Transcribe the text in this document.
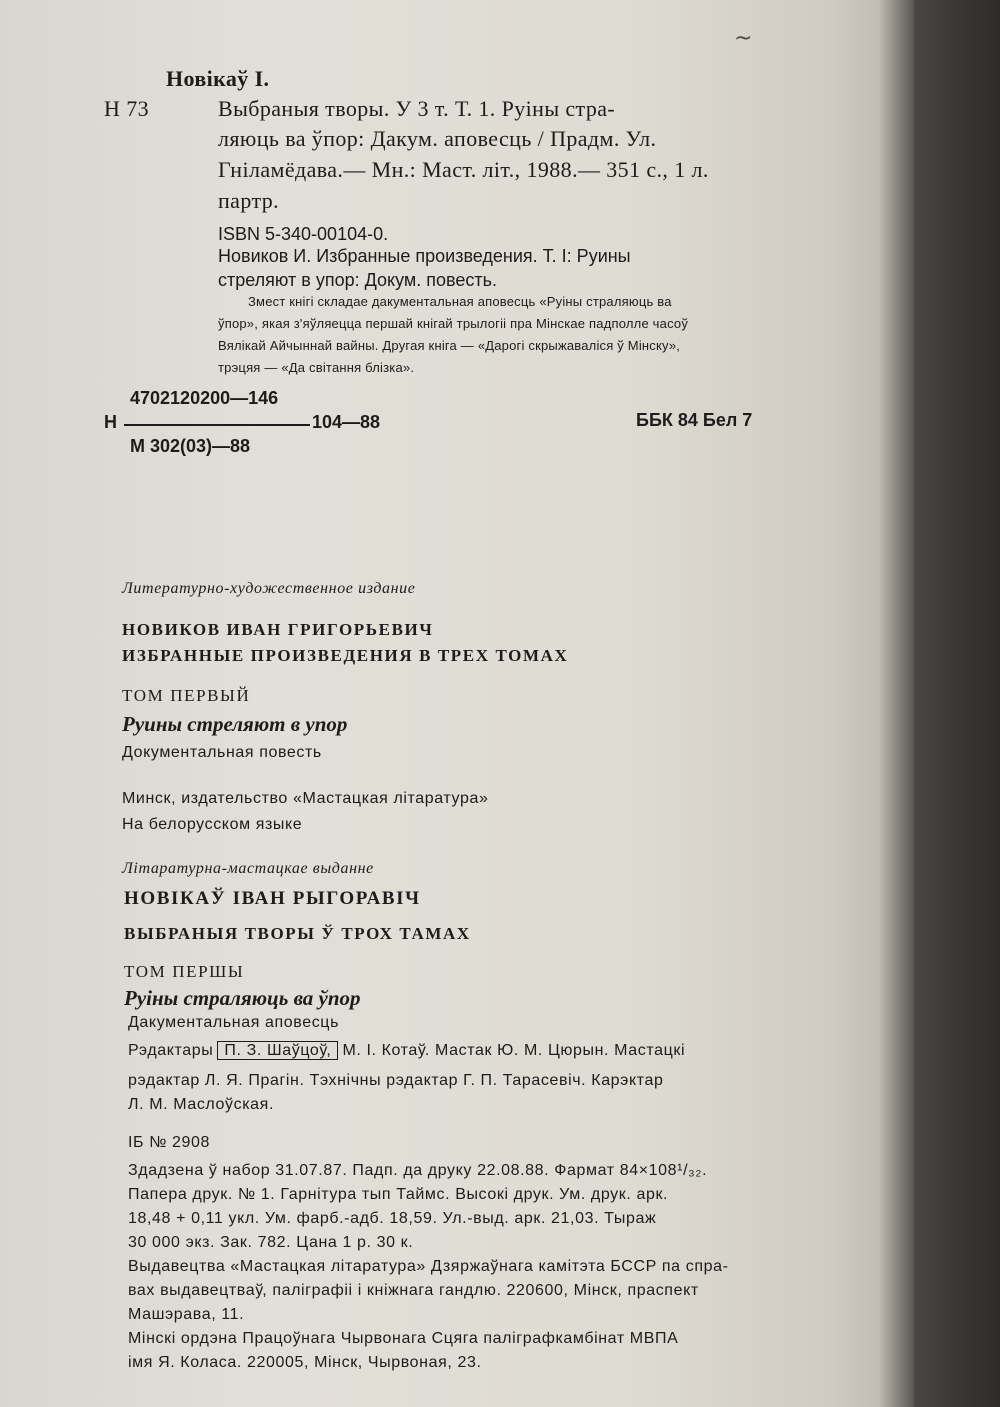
~
Новікаў І.
Н 73	Выбраныя творы. У 3 т. Т. 1. Руіны стра-
ляюць ва ўпор: Дакум. аповесць / Прадм. Ул.
Гніламёдава.— Мн.: Маст. літ., 1988.— 351 с., 1 л.
партр.
ISBN 5-340-00104-0.
Новиков И. Избранные произведения. Т. I: Руины
стреляют в упор: Докум. повесть.
Змест кнігі складае дакументальная аповесць «Руіны страляюць ва
ўпор», якая з'яўляецца першай кнігай трылогіі пра Мінскае падполле часоў
Вялікай Айчыннай вайны. Другая кніга — «Дарогі скрыжаваліся ў Мінску»,
трэцяя — «Да світання блізка».
4702120200—146
Н	104—88
М 302(03)—88
ББК 84 Бел 7
Литературно-художественное издание
НОВИКОВ ИВАН ГРИГОРЬЕВИЧ
ИЗБРАННЫЕ ПРОИЗВЕДЕНИЯ В ТРЕХ ТОМАХ
ТОМ ПЕРВЫЙ
Руины стреляют в упор
Документальная повесть
Минск, издательство «Мастацкая літаратура»
На белорусском языке
Літаратурна-мастацкае выданне
НОВІКАЎ ІВАН РЫГОРАВІЧ
ВЫБРАНЫЯ ТВОРЫ Ў ТРОХ ТАМАХ
ТОМ ПЕРШЫ
Руіны страляюць ва ўпор
Дакументальная аповесць
Рэдактары П. З. Шаўцоў, М. І. Котаў. Мастак Ю. М. Цюрын. Мастацкі
рэдактар Л. Я. Прагін. Тэхнічны рэдактар Г. П. Тарасевіч. Карэктар
Л. М. Маслоўская.
ІБ № 2908
Здадзена ў набор 31.07.87. Падп. да друку 22.08.88. Фармат 84×108¹/₃₂.
Папера друк. № 1. Гарнітура тып Таймс. Высокі друк. Ум. друк. арк.
18,48 + 0,11 укл. Ум. фарб.-адб. 18,59. Ул.-выд. арк. 21,03. Тыраж
30 000 экз. Зак. 782. Цана 1 р. 30 к.
Выдавецтва «Мастацкая літаратура» Дзяржаўнага камітэта БССР па спра-
вах выдавецтваў, паліграфіі і кніжнага гандлю. 220600, Мінск, праспект
Машэрава, 11.
Мінскі ордэна Працоўнага Чырвонага Сцяга паліграфкамбінат МВПА
імя Я. Коласа. 220005, Мінск, Чырвоная, 23.
